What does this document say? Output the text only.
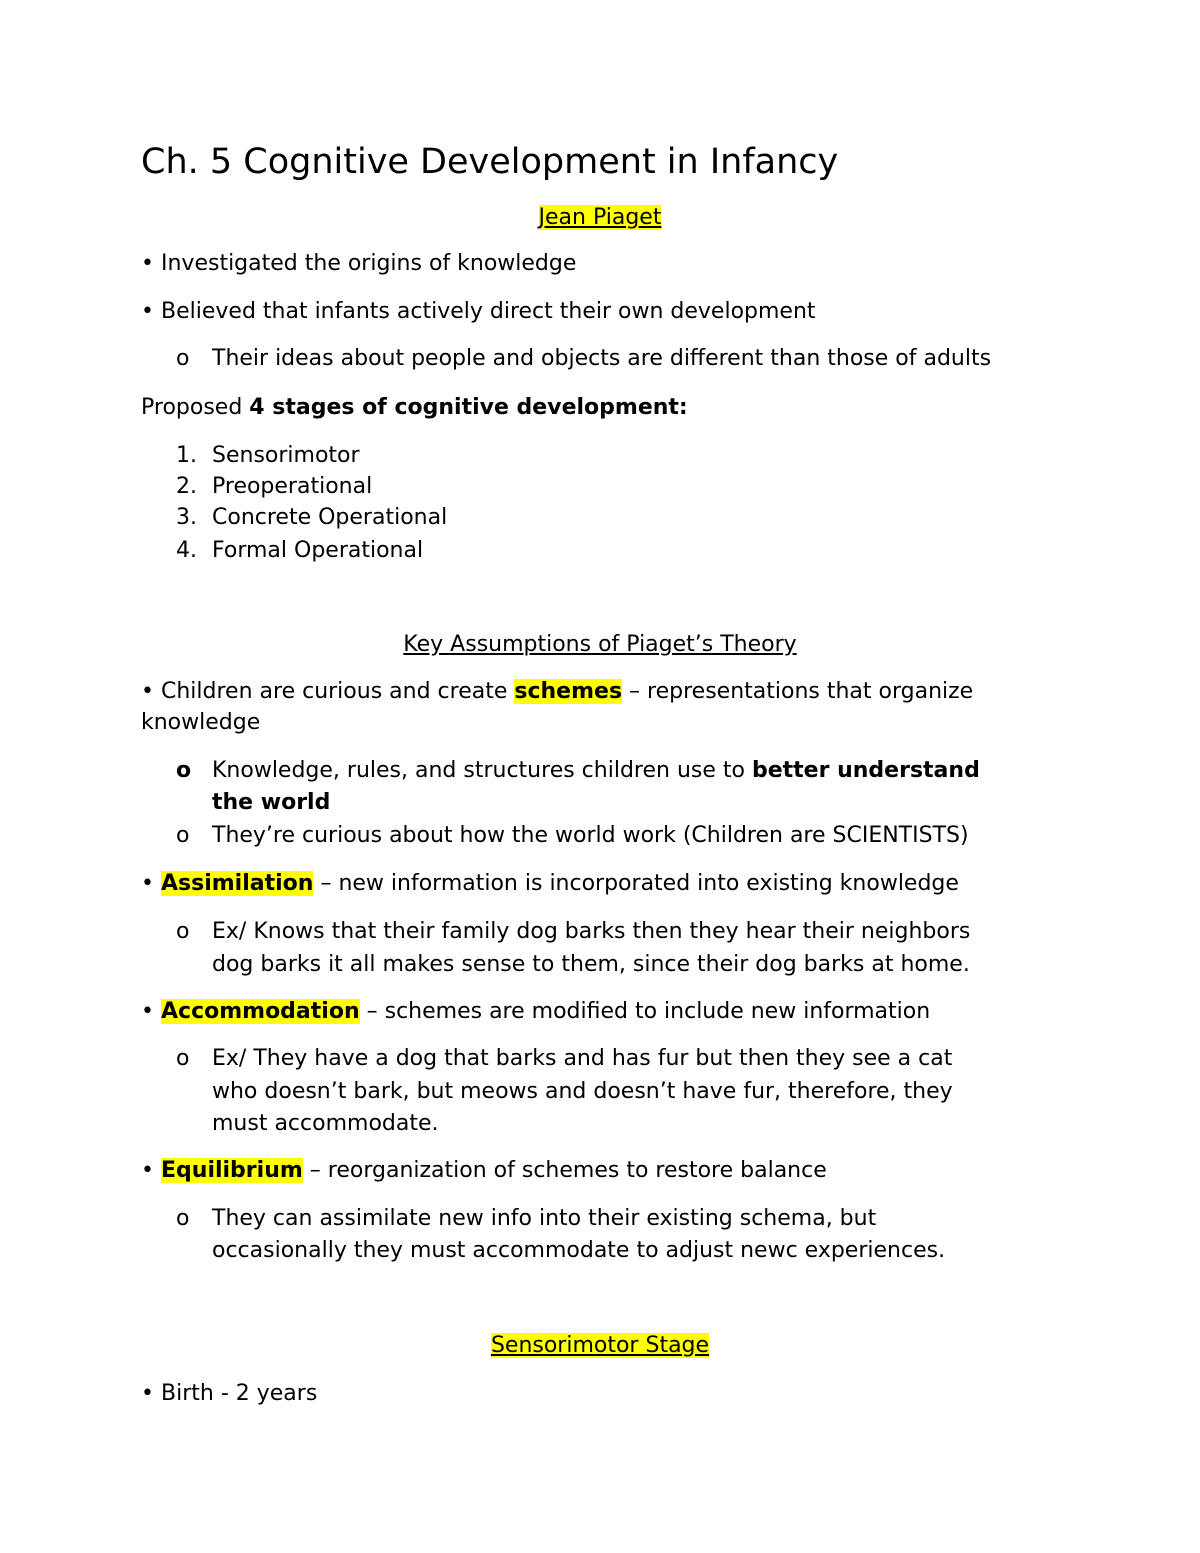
Ch. 5 Cognitive Development in Infancy
Jean Piaget
• Investigated the origins of knowledge
• Believed that infants actively direct their own development
o Their ideas about people and objects are different than those of adults
Proposed 4 stages of cognitive development:
1. Sensorimotor
2. Preoperational
3. Concrete Operational
4. Formal Operational
Key Assumptions of Piaget’s Theory
• Children are curious and create schemes – representations that organize
knowledge
o Knowledge, rules, and structures children use to better understand
the world
o They’re curious about how the world work (Children are SCIENTISTS)
• Assimilation – new information is incorporated into existing knowledge
o Ex/ Knows that their family dog barks then they hear their neighbors
dog barks it all makes sense to them, since their dog barks at home.
• Accommodation – schemes are modified to include new information
o Ex/ They have a dog that barks and has fur but then they see a cat
who doesn’t bark, but meows and doesn’t have fur, therefore, they
must accommodate.
• Equilibrium – reorganization of schemes to restore balance
o They can assimilate new info into their existing schema, but
occasionally they must accommodate to adjust newc experiences.
Sensorimotor Stage
• Birth - 2 years
